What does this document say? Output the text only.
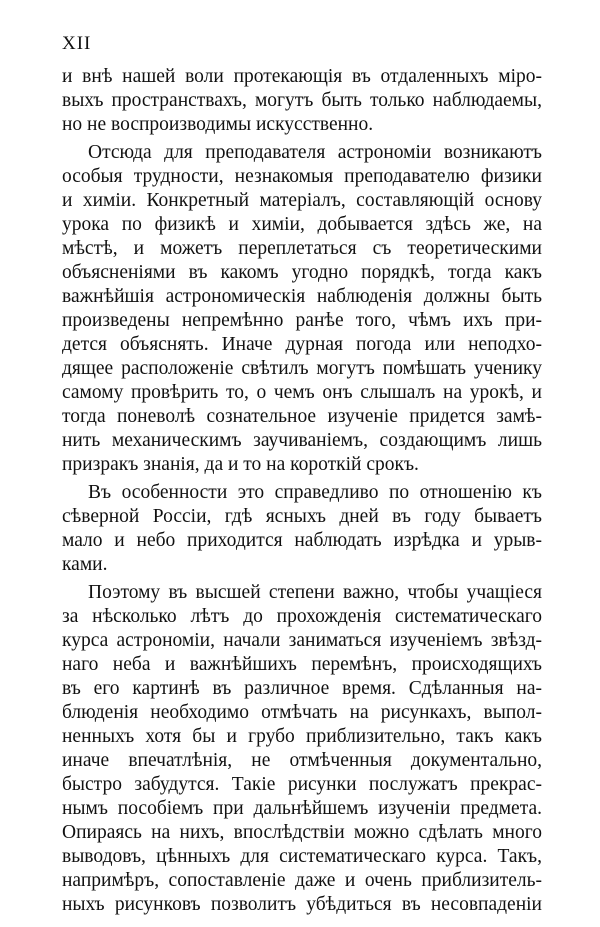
XII
и внѣ нашей воли протекающія въ отдаленныхъ міро-
выхъ пространствахъ, могутъ быть только наблюдаемы,
но не воспроизводимы искусственно.
Отсюда для преподавателя астрономіи возникаютъ
особыя трудности, незнакомыя преподавателю физики
и химіи. Конкретный матеріалъ, составляющій основу
урока по физикѣ и химіи, добывается здѣсь же, на
мѣстѣ, и можетъ переплетаться съ теоретическими
объясненіями въ какомъ угодно порядкѣ, тогда какъ
важнѣйшія астрономическія наблюденія должны быть
произведены непремѣнно ранѣе того, чѣмъ ихъ при-
дется объяснять. Иначе дурная погода или неподхо-
дящее расположеніе свѣтилъ могутъ помѣшать ученику
самому провѣрить то, о чемъ онъ слышалъ на урокѣ, и
тогда поневолѣ сознательное изученіе придется замѣ-
нить механическимъ заучиваніемъ, создающимъ лишь
призракъ знанія, да и то на короткій срокъ.
Въ особенности это справедливо по отношенію къ
сѣверной Россіи, гдѣ ясныхъ дней въ году бываетъ
мало и небо приходится наблюдать изрѣдка и урыв-
ками.
Поэтому въ высшей степени важно, чтобы учащіеся
за нѣсколько лѣтъ до прохожденія систематическаго
курса астрономіи, начали заниматься изученіемъ звѣзд-
наго неба и важнѣйшихъ перемѣнъ, происходящихъ
въ его картинѣ въ различное время. Сдѣланныя на-
блюденія необходимо отмѣчать на рисункахъ, выпол-
ненныхъ хотя бы и грубо приблизительно, такъ какъ
иначе впечатлѣнія, не отмѣченныя документально,
быстро забудутся. Такіе рисунки послужатъ прекрас-
нымъ пособіемъ при дальнѣйшемъ изученіи предмета.
Опираясь на нихъ, впослѣдствіи можно сдѣлать много
выводовъ, цѣнныхъ для систематическаго курса. Такъ,
напримѣръ, сопоставленіе даже и очень приблизитель-
ныхъ рисунковъ позволитъ убѣдиться въ несовпаденіи
